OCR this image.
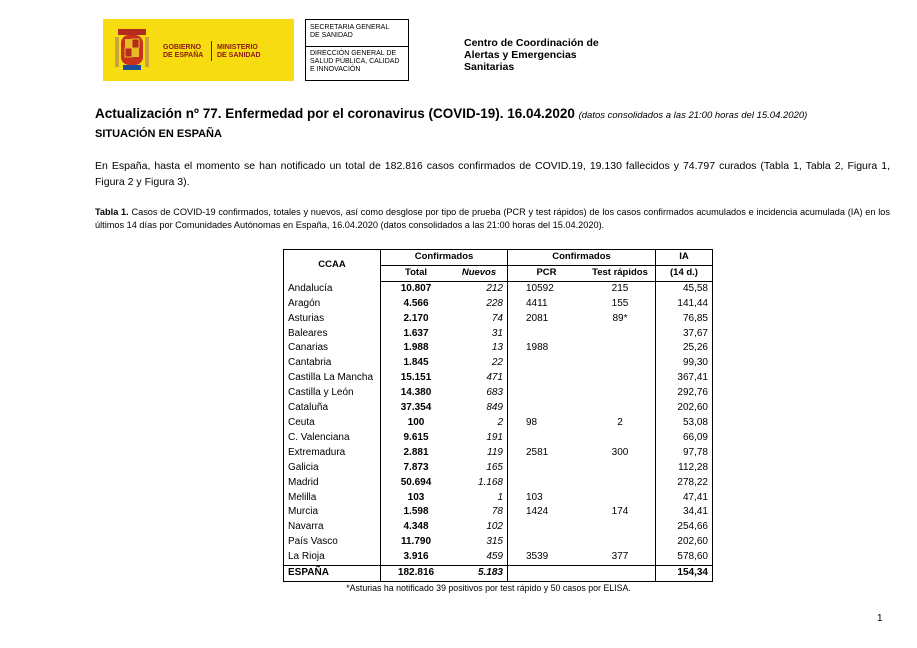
GOBIERNO
DE ESPAÑA
MINISTERIO
DE SANIDAD
SECRETARIA GENERAL
DE SANIDAD
DIRECCIÓN GENERAL DE
SALUD PÚBLICA, CALIDAD
E INNOVACIÓN
Centro de Coordinación de
Alertas y Emergencias
Sanitarias
Actualización nº 77. Enfermedad por el coronavirus (COVID-19). 16.04.2020 (datos consolidados a las 21:00 horas del 15.04.2020)
SITUACIÓN EN ESPAÑA
En España, hasta el momento se han notificado un total de 182.816 casos confirmados de COVID.19, 19.130 fallecidos y 74.797 curados (Tabla 1, Tabla 2, Figura 1, Figura 2 y Figura 3).
Tabla 1. Casos de COVID-19 confirmados, totales y nuevos, así como desglose por tipo de prueba (PCR y test rápidos) de los casos confirmados acumulados e incidencia acumulada (IA) en los últimos 14 días por Comunidades Autónomas en España, 16.04.2020 (datos consolidados a las 21:00 horas del 15.04.2020).
CCAA	Confirmados		Confirmados		IA
	Total	Nuevos	PCR	Test rápidos	(14 d.)
Andalucía	10.807	212	10592	215	45,58
Aragón	4.566	228	4411	155	141,44
Asturias	2.170	74	2081	89*	76,85
Baleares	1.637	31			37,67
Canarias	1.988	13	1988		25,26
Cantabria	1.845	22			99,30
Castilla La Mancha	15.151	471			367,41
Castilla y León	14.380	683			292,76
Cataluña	37.354	849			202,60
Ceuta	100	2	98	2	53,08
C. Valenciana	9.615	191			66,09
Extremadura	2.881	119	2581	300	97,78
Galicia	7.873	165			112,28
Madrid	50.694	1.168			278,22
Melilla	103	1	103		47,41
Murcia	1.598	78	1424	174	34,41
Navarra	4.348	102			254,66
País Vasco	11.790	315			202,60
La Rioja	3.916	459	3539	377	578,60
ESPAÑA	182.816	5.183			154,34
*Asturias ha notificado 39 positivos por test rápido y 50 casos por ELISA.
1
